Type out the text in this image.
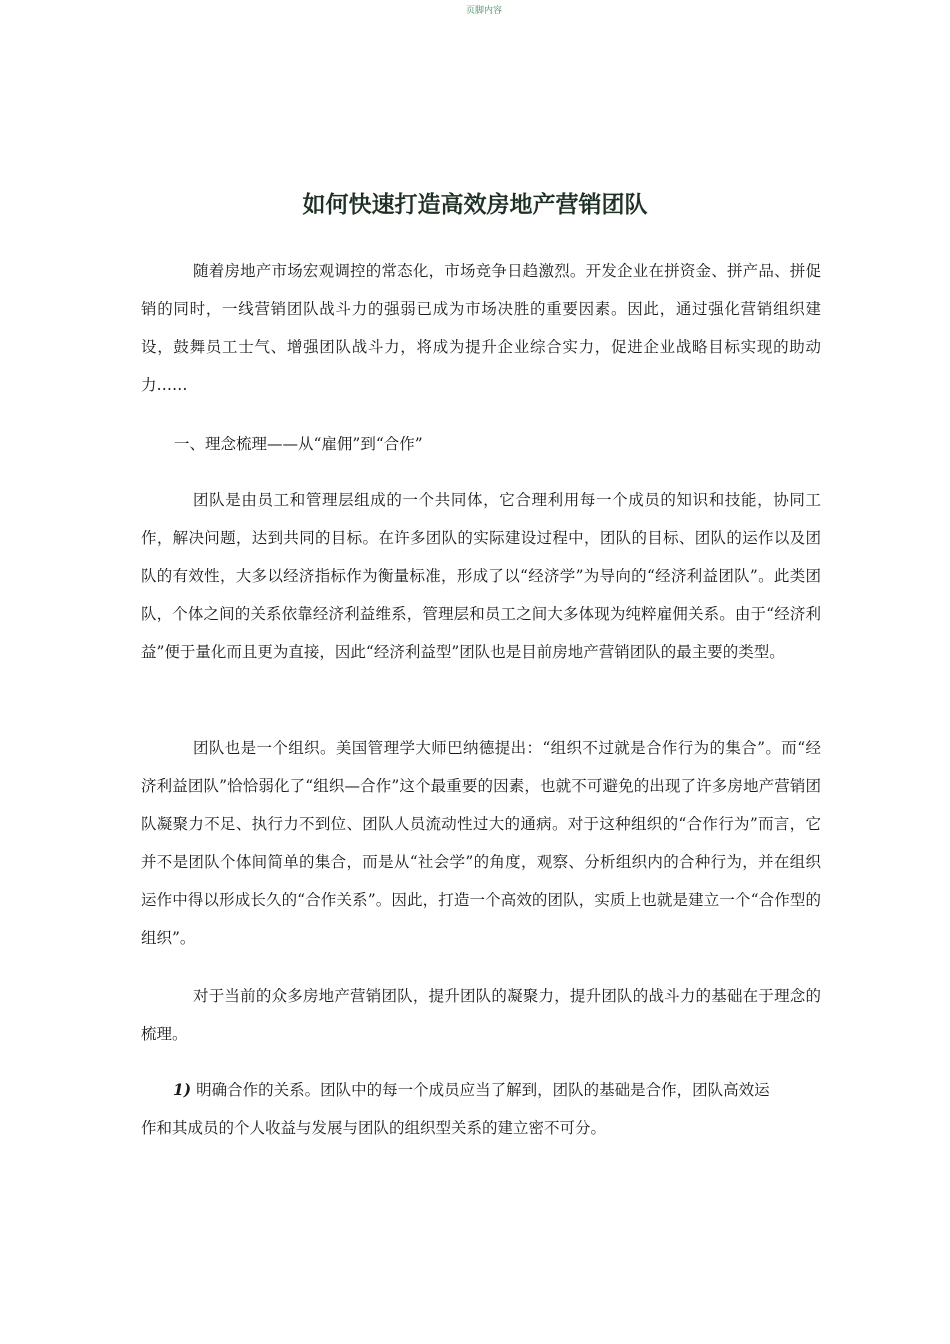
页脚内容
如何快速打造高效房地产营销团队

随着房地产市场宏观调控的常态化，市场竞争日趋激烈。开发企业在拼资金、拼产品、拼促销的同时，一线营销团队战斗力的强弱已成为市场决胜的重要因素。因此，通过强化营销组织建设，鼓舞员工士气、增强团队战斗力，将成为提升企业综合实力，促进企业战略目标实现的助动力……

一、理念梳理——从“雇佣”到“合作”

团队是由员工和管理层组成的一个共同体，它合理利用每一个成员的知识和技能，协同工作，解决问题，达到共同的目标。在许多团队的实际建设过程中，团队的目标、团队的运作以及团队的有效性，大多以经济指标作为衡量标准，形成了以“经济学”为导向的“经济利益团队”。此类团队，个体之间的关系依靠经济利益维系，管理层和员工之间大多体现为纯粹雇佣关系。由于“经济利益”便于量化而且更为直接，因此“经济利益型”团队也是目前房地产营销团队的最主要的类型。

团队也是一个组织。美国管理学大师巴纳德提出：“组织不过就是合作行为的集合”。而“经济利益团队”恰恰弱化了“组织—合作”这个最重要的因素，也就不可避免的出现了许多房地产营销团队凝聚力不足、执行力不到位、团队人员流动性过大的通病。对于这种组织的“合作行为”而言，它并不是团队个体间简单的集合，而是从“社会学”的角度，观察、分析组织内的合种行为，并在组织运作中得以形成长久的“合作关系”。因此，打造一个高效的团队，实质上也就是建立一个“合作型的组织”。

对于当前的众多房地产营销团队，提升团队的凝聚力，提升团队的战斗力的基础在于理念的梳理。

1) 明确合作的关系。团队中的每一个成员应当了解到，团队的基础是合作，团队高效运
作和其成员的个人收益与发展与团队的组织型关系的建立密不可分。
